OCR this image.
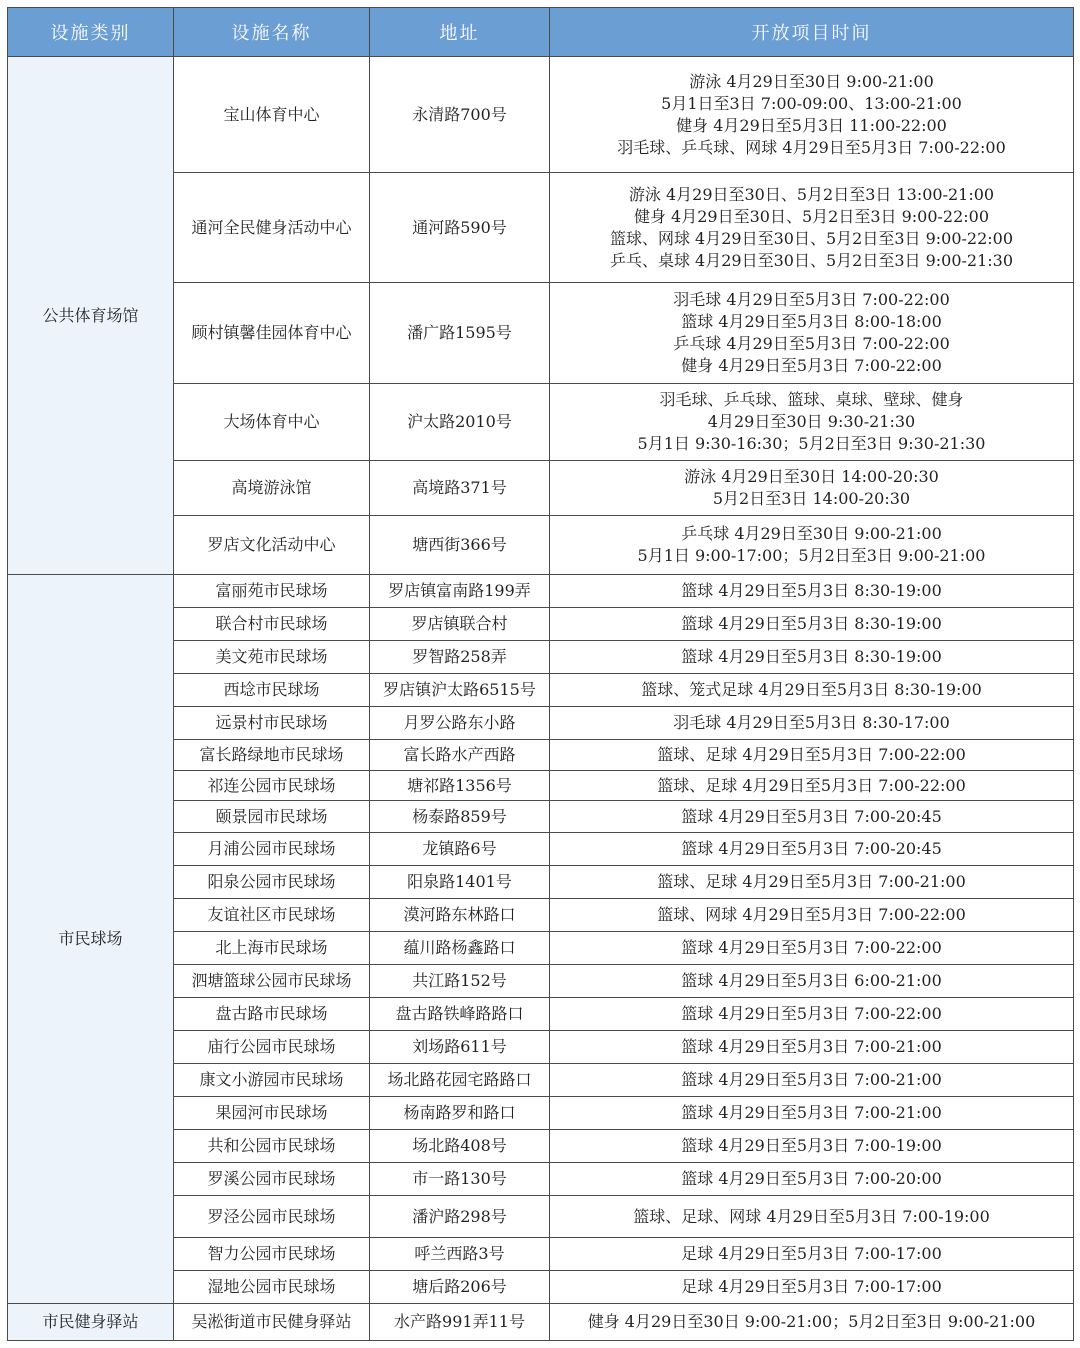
设施类别	设施名称	地址	开放项目时间
公共体育场馆	宝山体育中心	永清路700号	游泳 4月29日至30日 9:00-21:00
5月1日至3日 7:00-09:00、13:00-21:00
健身 4月29日至5月3日 11:00-22:00
羽毛球、乒乓球、网球 4月29日至5月3日 7:00-22:00

	通河全民健身活动中心	通河路590号	游泳 4月29日至30日、5月2日至3日 13:00-21:00
健身 4月29日至30日、5月2日至3日 9:00-22:00
篮球、网球 4月29日至30日、5月2日至3日 9:00-22:00
乒乓、桌球 4月29日至30日、5月2日至3日 9:00-21:30

	顾村镇馨佳园体育中心	潘广路1595号	羽毛球 4月29日至5月3日 7:00-22:00
篮球 4月29日至5月3日 8:00-18:00
乒乓球 4月29日至5月3日 7:00-22:00
健身 4月29日至5月3日 7:00-22:00

	大场体育中心	沪太路2010号	羽毛球、乒乓球、篮球、桌球、壁球、健身
4月29日至30日 9:30-21:30
5月1日 9:30-16:30；5月2日至3日 9:30-21:30

	高境游泳馆	高境路371号	游泳 4月29日至30日 14:00-20:30
5月2日至3日 14:00-20:30

	罗店文化活动中心	塘西街366号	乒乓球 4月29日至30日 9:00-21:00
5月1日 9:00-17:00；5月2日至3日 9:00-21:00

市民球场	富丽苑市民球场	罗店镇富南路199弄	篮球 4月29日至5月3日 8:30-19:00

	联合村市民球场	罗店镇联合村	篮球 4月29日至5月3日 8:30-19:00

	美文苑市民球场	罗智路258弄	篮球 4月29日至5月3日 8:30-19:00

	西埝市民球场	罗店镇沪太路6515号	篮球、笼式足球 4月29日至5月3日 8:30-19:00

	远景村市民球场	月罗公路东小路	羽毛球 4月29日至5月3日 8:30-17:00

	富长路绿地市民球场	富长路水产西路	篮球、足球 4月29日至5月3日 7:00-22:00

	祁连公园市民球场	塘祁路1356号	篮球、足球 4月29日至5月3日 7:00-22:00

	颐景园市民球场	杨泰路859号	篮球 4月29日至5月3日 7:00-20:45

	月浦公园市民球场	龙镇路6号	篮球 4月29日至5月3日 7:00-20:45

	阳泉公园市民球场	阳泉路1401号	篮球、足球 4月29日至5月3日 7:00-21:00

	友谊社区市民球场	漠河路东林路口	篮球、网球 4月29日至5月3日 7:00-22:00

	北上海市民球场	蕴川路杨鑫路口	篮球 4月29日至5月3日 7:00-22:00

	泗塘篮球公园市民球场	共江路152号	篮球 4月29日至5月3日 6:00-21:00

	盘古路市民球场	盘古路铁峰路路口	篮球 4月29日至5月3日 7:00-22:00

	庙行公园市民球场	刘场路611号	篮球 4月29日至5月3日 7:00-21:00

	康文小游园市民球场	场北路花园宅路路口	篮球 4月29日至5月3日 7:00-21:00

	果园河市民球场	杨南路罗和路口	篮球 4月29日至5月3日 7:00-21:00

	共和公园市民球场	场北路408号	篮球 4月29日至5月3日 7:00-19:00

	罗溪公园市民球场	市一路130号	篮球 4月29日至5月3日 7:00-20:00

	罗泾公园市民球场	潘沪路298号	篮球、足球、网球 4月29日至5月3日 7:00-19:00

	智力公园市民球场	呼兰西路3号	足球 4月29日至5月3日 7:00-17:00

	湿地公园市民球场	塘后路206号	足球 4月29日至5月3日 7:00-17:00

市民健身驿站	吴淞街道市民健身驿站	水产路991弄11号	健身 4月29日至30日 9:00-21:00；5月2日至3日 9:00-21:00
